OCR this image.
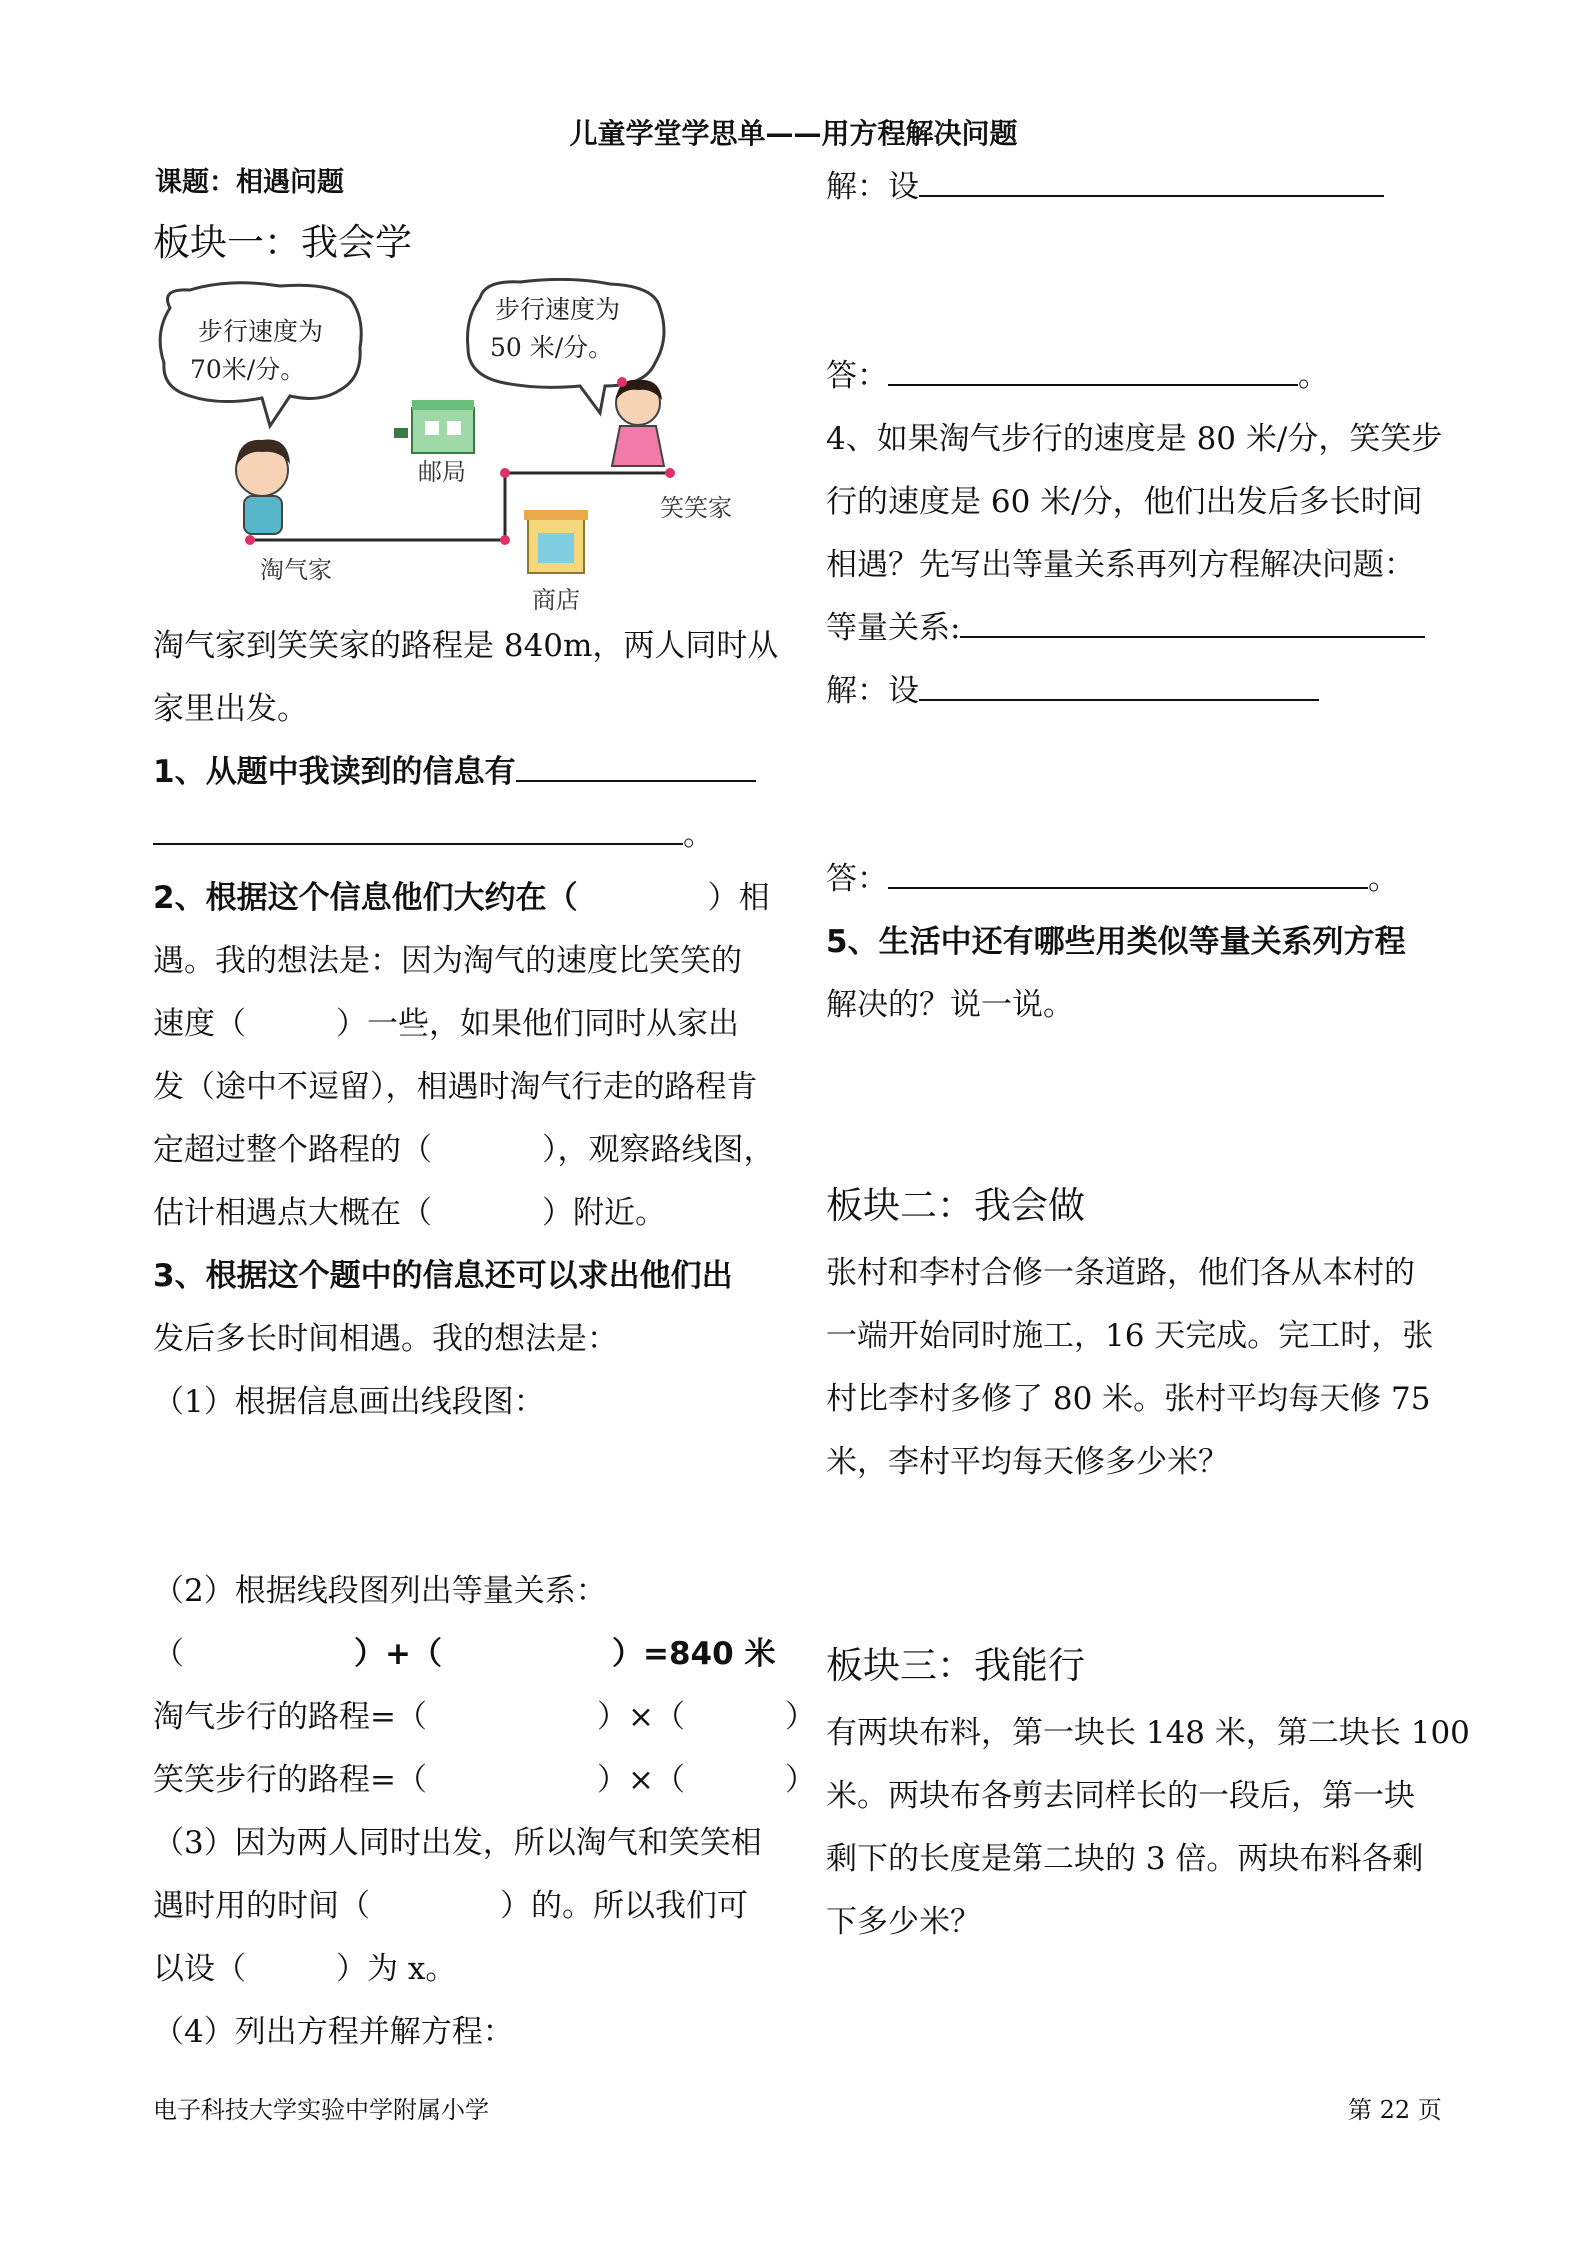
儿童学堂学思单——用方程解决问题
课题：相遇问题
板块一：我会学
步行速度为
70米/分。
步行速度为
50 米/分。
邮局
商店
淘气家
笑笑家
淘气家到笑笑家的路程是 840m，两人同时从
家里出发。
1、从题中我读到的信息有
。
2、根据这个信息他们大约在（	）相
遇。我的想法是：因为淘气的速度比笑笑的
速度（	）一些，如果他们同时从家出
发（途中不逗留），相遇时淘气行走的路程肯
定超过整个路程的（	），观察路线图，
估计相遇点大概在（	）附近。
3、根据这个题中的信息还可以求出他们出
发后多长时间相遇。我的想法是：
（1）根据信息画出线段图：
（2）根据线段图列出等量关系：
（	）+（	）=840 米
淘气步行的路程=（	）×（	）
笑笑步行的路程=（	）×（	）
（3）因为两人同时出发，所以淘气和笑笑相
遇时用的时间（	）的。所以我们可
以设（	）为 x。
（4）列出方程并解方程：
解：设
答：	。
4、如果淘气步行的速度是 80 米/分，笑笑步
行的速度是 60 米/分，他们出发后多长时间
相遇？先写出等量关系再列方程解决问题：
等量关系:
解：设
答：	。
5、生活中还有哪些用类似等量关系列方程
解决的？说一说。
板块二：我会做
张村和李村合修一条道路，他们各从本村的
一端开始同时施工，16 天完成。完工时，张
村比李村多修了 80 米。张村平均每天修 75
米，李村平均每天修多少米？
板块三：我能行
有两块布料，第一块长 148 米，第二块长 100
米。两块布各剪去同样长的一段后，第一块
剩下的长度是第二块的 3 倍。两块布料各剩
下多少米？
电子科技大学实验中学附属小学	第 22 页
